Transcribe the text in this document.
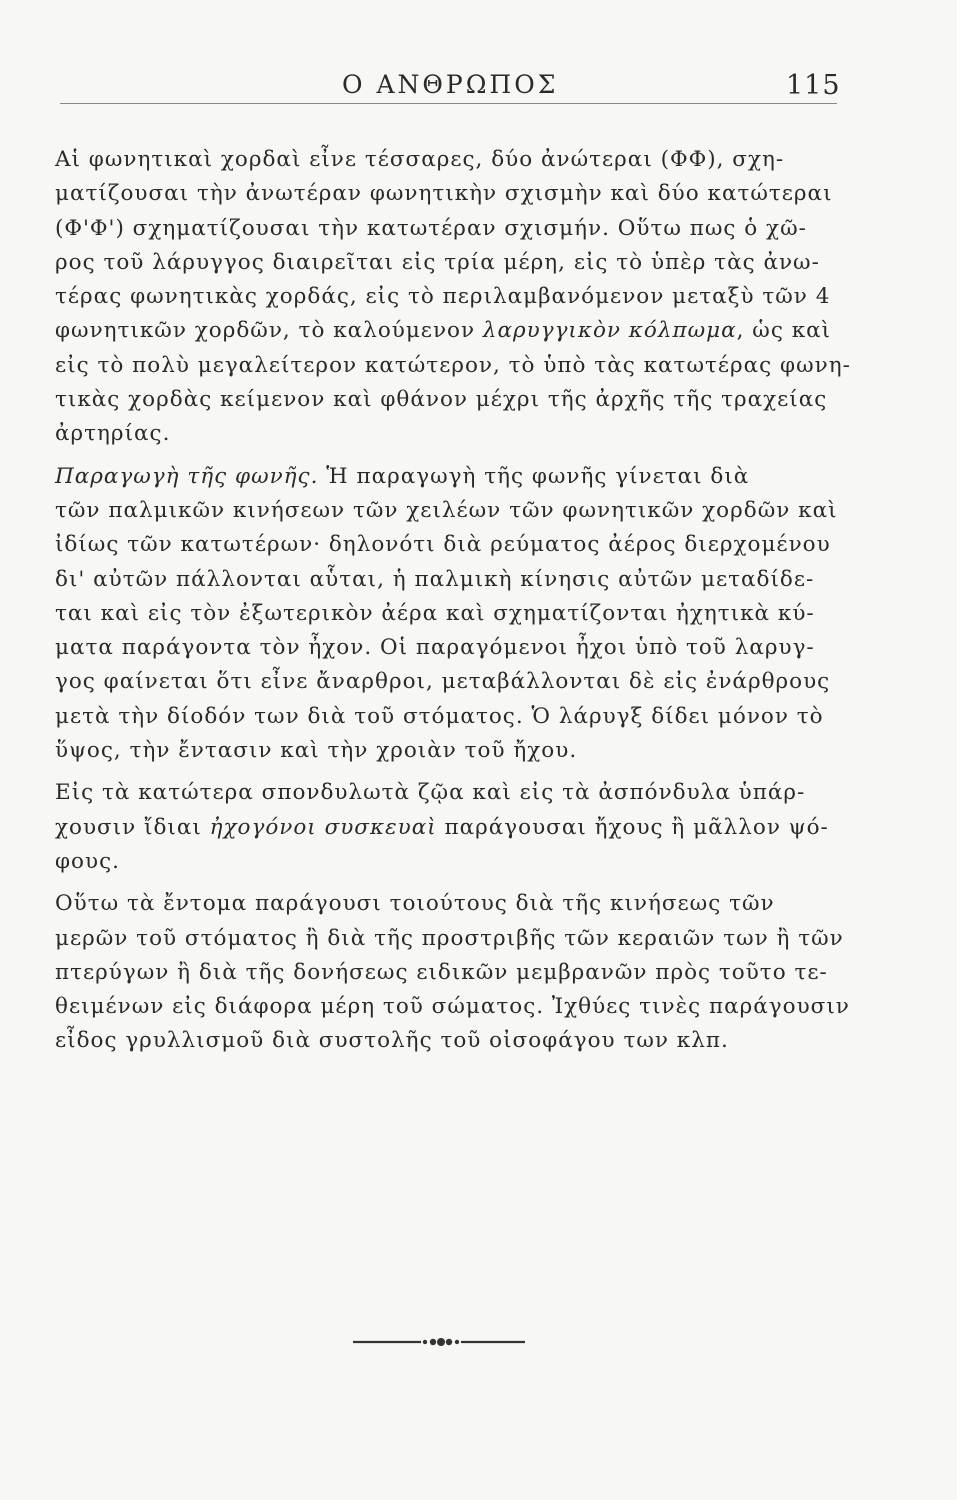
Ο ΑΝΘΡΩΠΟΣ	115
Αἱ φωνητικαὶ χορδαὶ εἶνε τέσσαρες, δύο ἀνώτεραι (ΦΦ), σχη-
ματίζουσαι τὴν ἀνωτέραν φωνητικὴν σχισμὴν καὶ δύο κατώτεραι
(Φ'Φ') σχηματίζουσαι τὴν κατωτέραν σχισμήν. Οὕτω πως ὁ χῶ-
ρος τοῦ λάρυγγος διαιρεῖται εἰς τρία μέρη, εἰς τὸ ὑπὲρ τὰς ἀνω-
τέρας φωνητικὰς χορδάς, εἰς τὸ περιλαμβανόμενον μεταξὺ τῶν 4
φωνητικῶν χορδῶν, τὸ καλούμενον λαρυγγικὸν κόλπωμα, ὡς καὶ
εἰς τὸ πολὺ μεγαλείτερον κατώτερον, τὸ ὑπὸ τὰς κατωτέρας φωνη-
τικὰς χορδὰς κείμενον καὶ φθάνον μέχρι τῆς ἀρχῆς τῆς τραχείας
ἀρτηρίας.
Παραγωγὴ τῆς φωνῆς. Ἡ παραγωγὴ τῆς φωνῆς γίνεται διὰ
τῶν παλμικῶν κινήσεων τῶν χειλέων τῶν φωνητικῶν χορδῶν καὶ
ἰδίως τῶν κατωτέρων· δηλονότι διὰ ρεύματος ἀέρος διερχομένου
δι' αὐτῶν πάλλονται αὗται, ἡ παλμικὴ κίνησις αὐτῶν μεταδίδε-
ται καὶ εἰς τὸν ἐξωτερικὸν ἀέρα καὶ σχηματίζονται ἠχητικὰ κύ-
ματα παράγοντα τὸν ἦχον. Οἱ παραγόμενοι ἦχοι ὑπὸ τοῦ λαρυγ-
γος φαίνεται ὅτι εἶνε ἄναρθροι, μεταβάλλονται δὲ εἰς ἐνάρθρους
μετὰ τὴν δίοδόν των διὰ τοῦ στόματος. Ὁ λάρυγξ δίδει μόνον τὸ
ὕψος, τὴν ἔντασιν καὶ τὴν χροιὰν τοῦ ἤχου.
Εἰς τὰ κατώτερα σπονδυλωτὰ ζῷα καὶ εἰς τὰ ἀσπόνδυλα ὑπάρ-
χουσιν ἴδιαι ἠχογόνοι συσκευαὶ παράγουσαι ἤχους ἢ μᾶλλον ψό-
φους.
Οὕτω τὰ ἔντομα παράγουσι τοιούτους διὰ τῆς κινήσεως τῶν
μερῶν τοῦ στόματος ἢ διὰ τῆς προστριβῆς τῶν κεραιῶν των ἢ τῶν
πτερύγων ἢ διὰ τῆς δονήσεως ειδικῶν μεμβρανῶν πρὸς τοῦτο τε-
θειμένων εἰς διάφορα μέρη τοῦ σώματος. Ἰχθύες τινὲς παράγουσιν
εἶδος γρυλλισμοῦ διὰ συστολῆς τοῦ οἰσοφάγου των κλπ.
